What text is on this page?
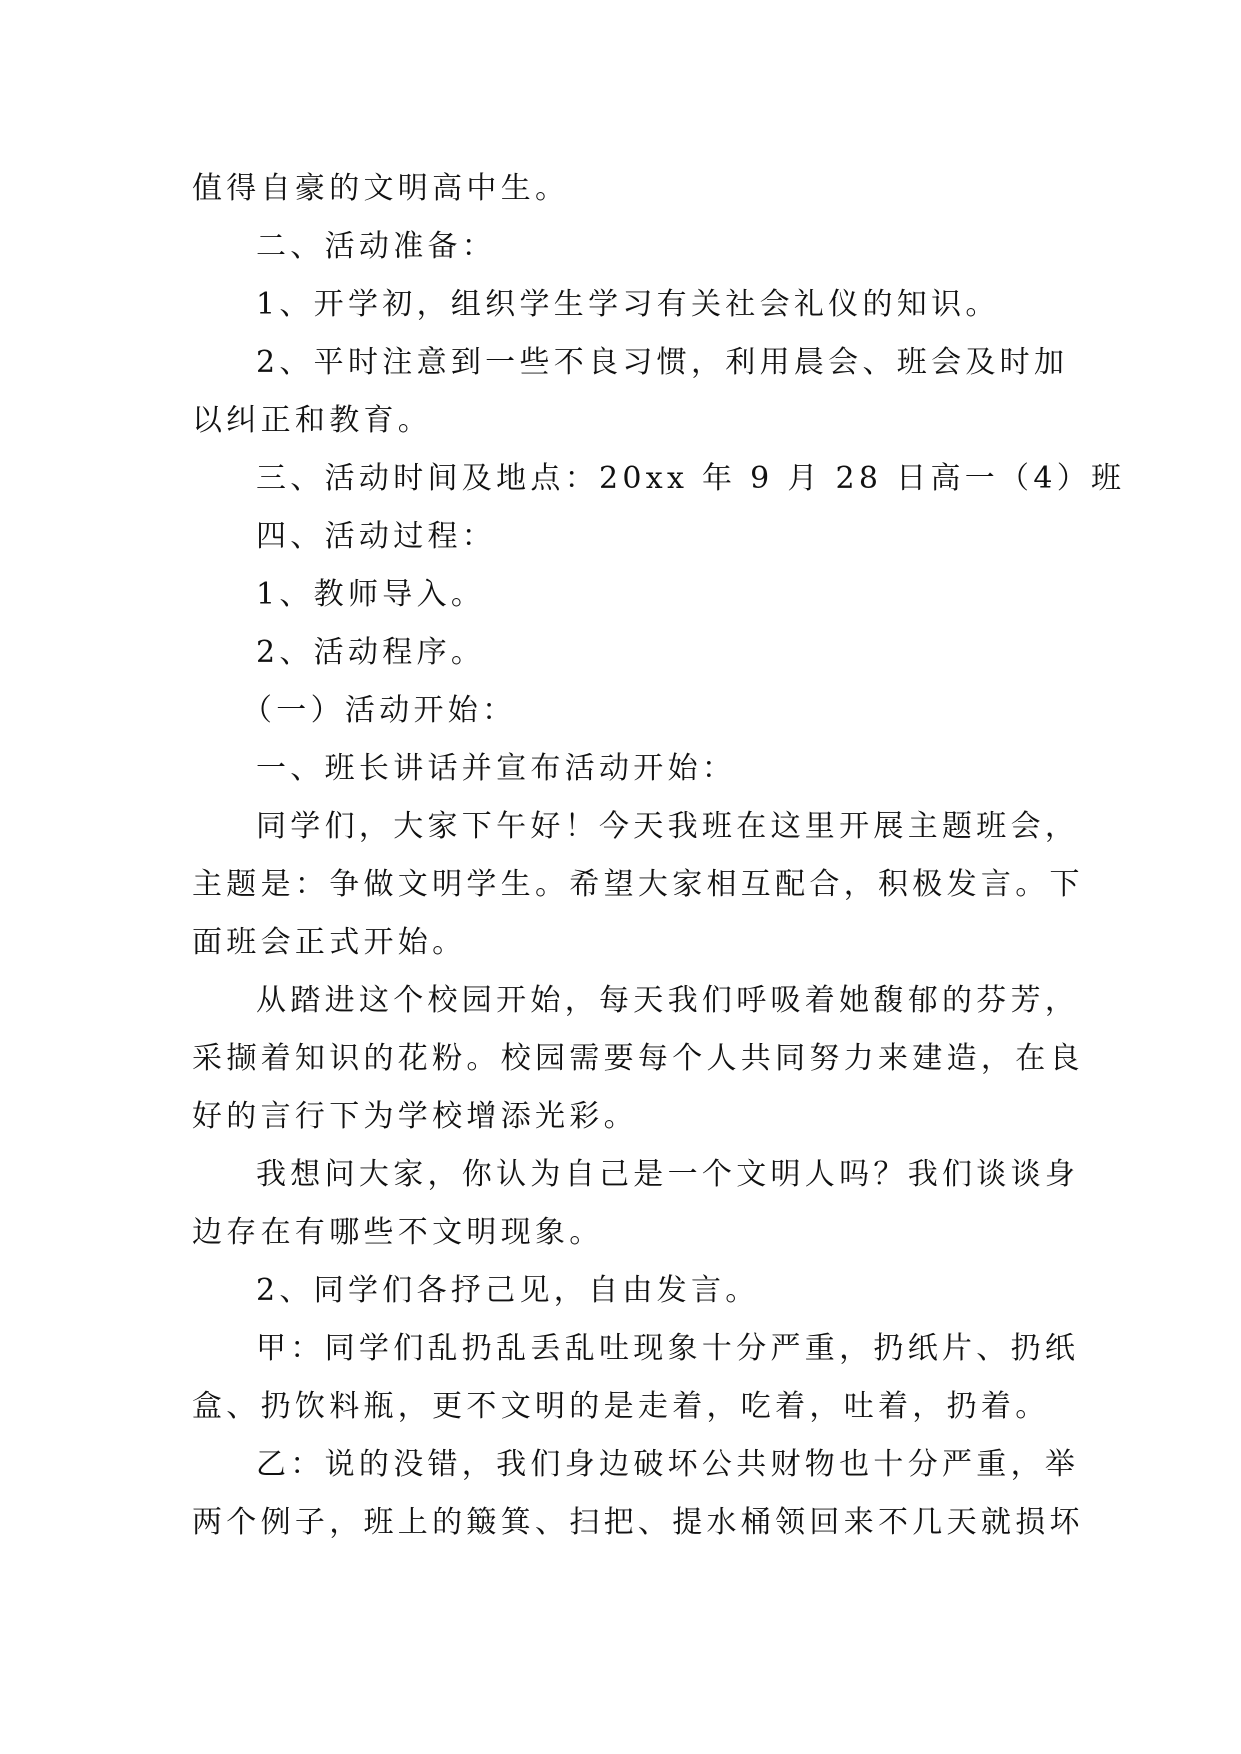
值得自豪的文明高中生。

二、活动准备：

1、开学初，组织学生学习有关社会礼仪的知识。

2、平时注意到一些不良习惯，利用晨会、班会及时加

以纠正和教育。

三、活动时间及地点：20xx 年 9 月 28 日高一（4）班

四、活动过程：

1、教师导入。

2、活动程序。

（一）活动开始：

一、班长讲话并宣布活动开始：

同学们，大家下午好！今天我班在这里开展主题班会，

主题是：争做文明学生。希望大家相互配合，积极发言。下

面班会正式开始。

从踏进这个校园开始，每天我们呼吸着她馥郁的芬芳，

采撷着知识的花粉。校园需要每个人共同努力来建造，在良

好的言行下为学校增添光彩。

我想问大家，你认为自己是一个文明人吗？我们谈谈身

边存在有哪些不文明现象。

2、同学们各抒己见，自由发言。

甲：同学们乱扔乱丢乱吐现象十分严重，扔纸片、扔纸

盒、扔饮料瓶，更不文明的是走着，吃着，吐着，扔着。

乙：说的没错，我们身边破坏公共财物也十分严重，举

两个例子，班上的簸箕、扫把、提水桶领回来不几天就损坏
